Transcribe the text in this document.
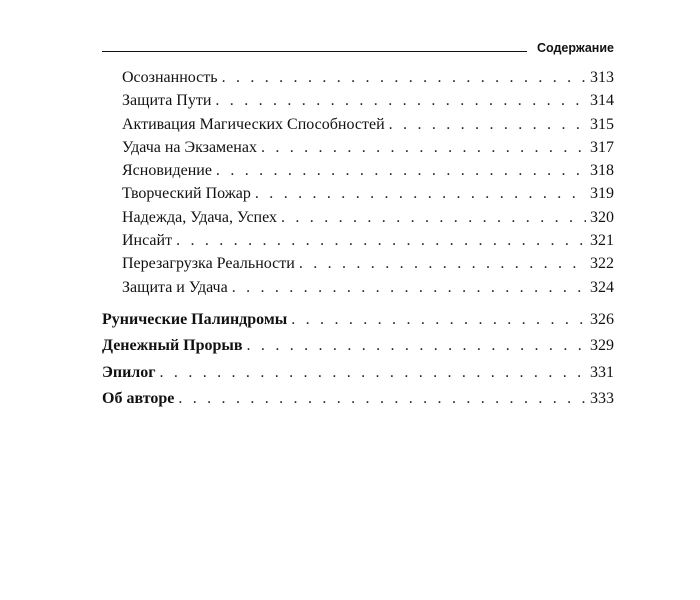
Содержание
Осознанность . . .	313
Защита Пути . . .	314
Активация Магических Способностей . . .	315
Удача на Экзаменах . . .	317
Ясновидение . . .	318
Творческий Пожар . . .	319
Надежда, Удача, Успех . . .	320
Инсайт . . .	321
Перезагрузка Реальности . . .	322
Защита и Удача . . .	324
Рунические Палиндромы . . .	326
Денежный Прорыв . . .	329
Эпилог . . .	331
Об авторе . . .	333
